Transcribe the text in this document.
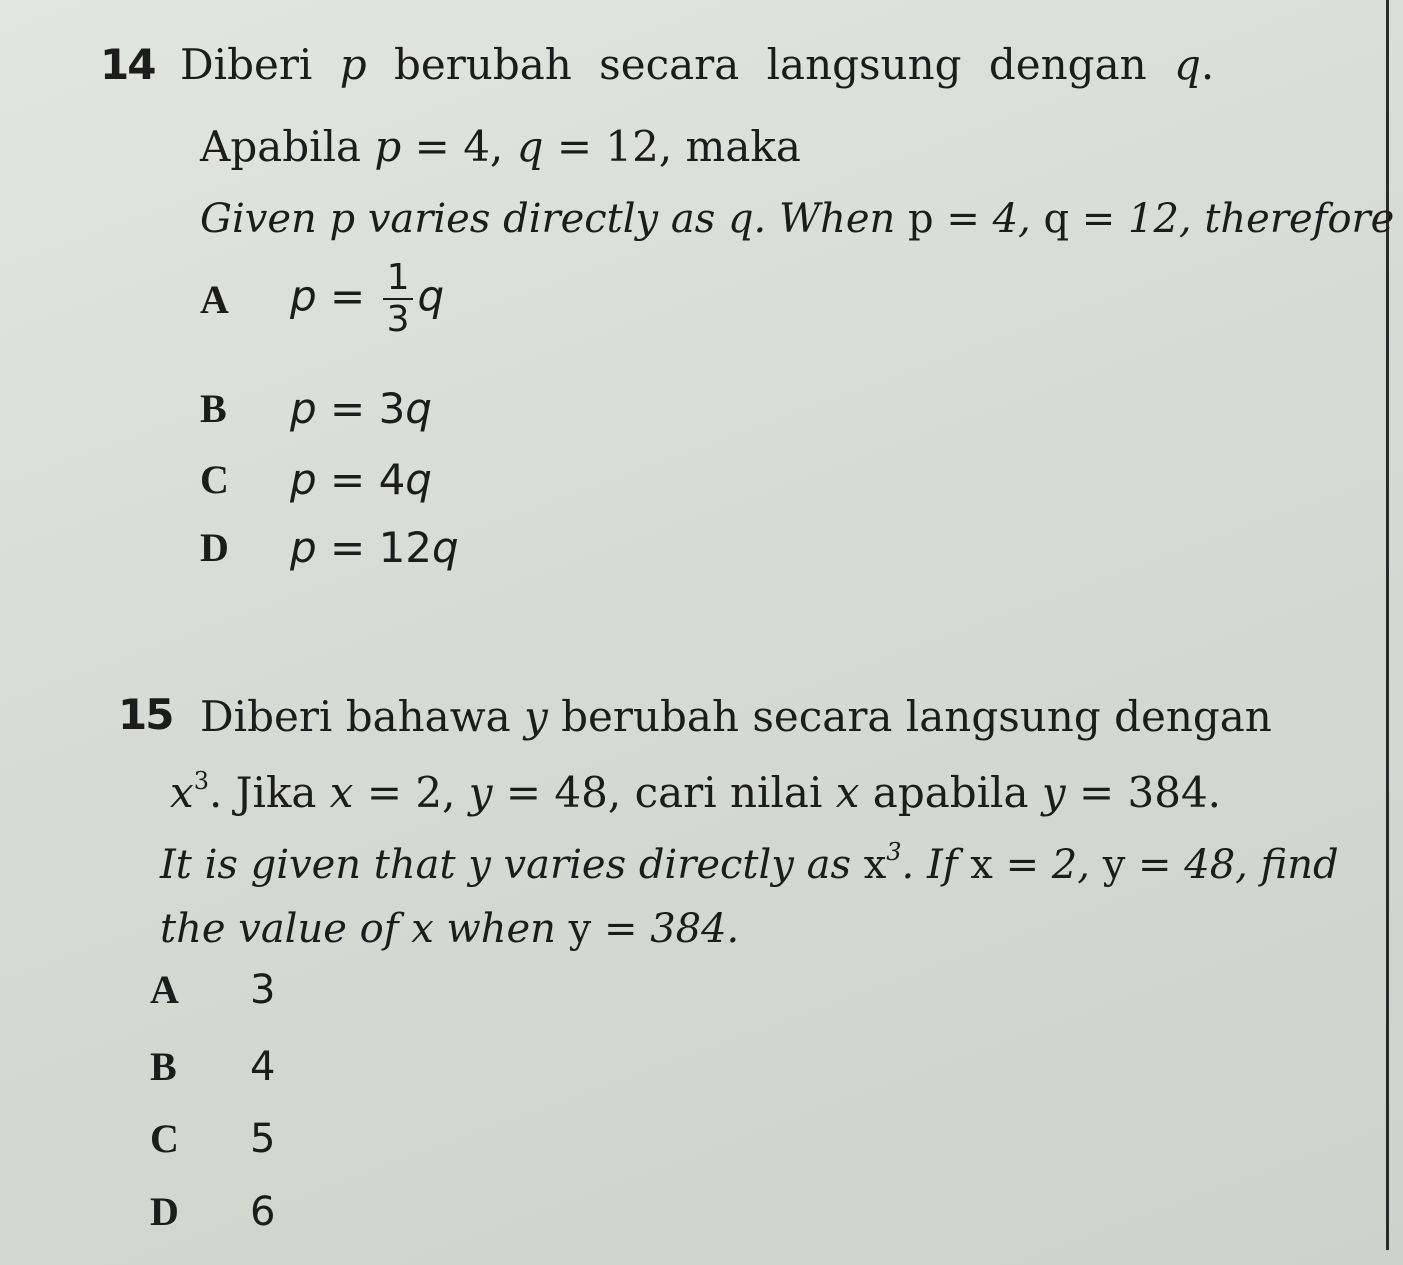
14 Diberi p berubah secara langsung dengan q.
Apabila p = 4, q = 12, maka
Given p varies directly as q. When p = 4, q = 12, therefore
A	$p = \frac{1}{3}$ q
B	p = 3q
C	p = 4q
D	p = 12q
15 Diberi bahawa y berubah secara langsung dengan
$x^3$. Jika x = 2, y = 48, cari nilai x apabila y = 384.
It is given that y varies directly as $x^3$. If x = 2, y = 48, find
the value of x when y = 384.
A	3
B	4
C	5
D	6
